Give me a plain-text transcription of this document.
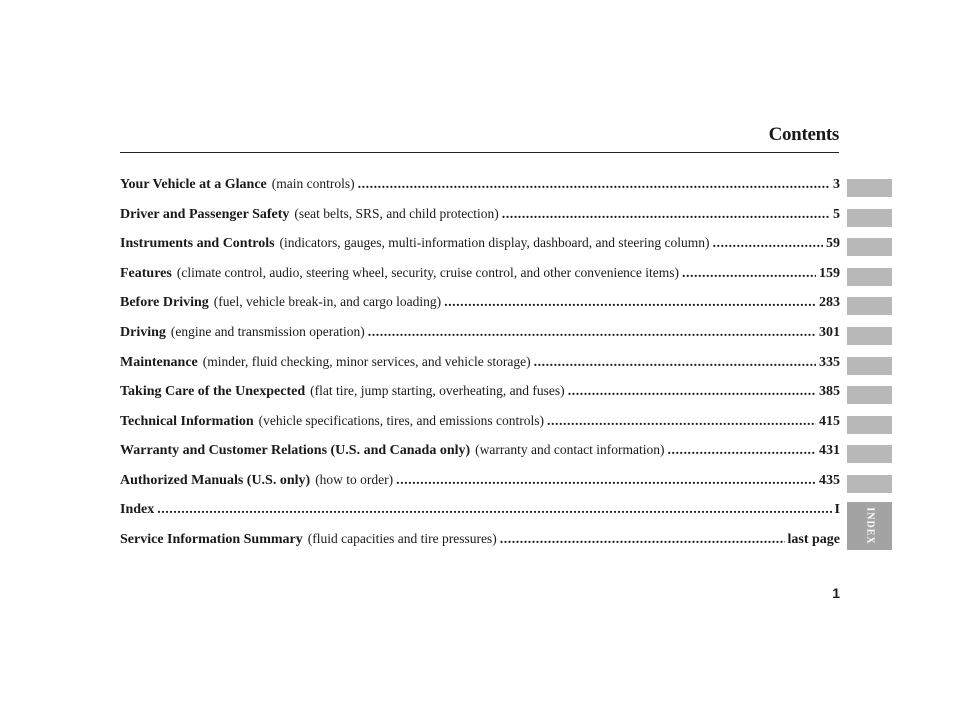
Contents
Your Vehicle at a Glance (main controls) .....	3
Driver and Passenger Safety (seat belts, SRS, and child protection) .....	5
Instruments and Controls (indicators, gauges, multi-information display, dashboard, and steering column) .....	59
Features (climate control, audio, steering wheel, security, cruise control, and other convenience items) .....	159
Before Driving (fuel, vehicle break-in, and cargo loading) .....	283
Driving (engine and transmission operation) .....	301
Maintenance (minder, fluid checking, minor services, and vehicle storage) .....	335
Taking Care of the Unexpected (flat tire, jump starting, overheating, and fuses) .....	385
Technical Information (vehicle specifications, tires, and emissions controls) .....	415
Warranty and Customer Relations (U.S. and Canada only) (warranty and contact information) .....	431
Authorized Manuals (U.S. only) (how to order) .....	435
Index .....	I
Service Information Summary (fluid capacities and tire pressures) .....	last page INDEX
1
